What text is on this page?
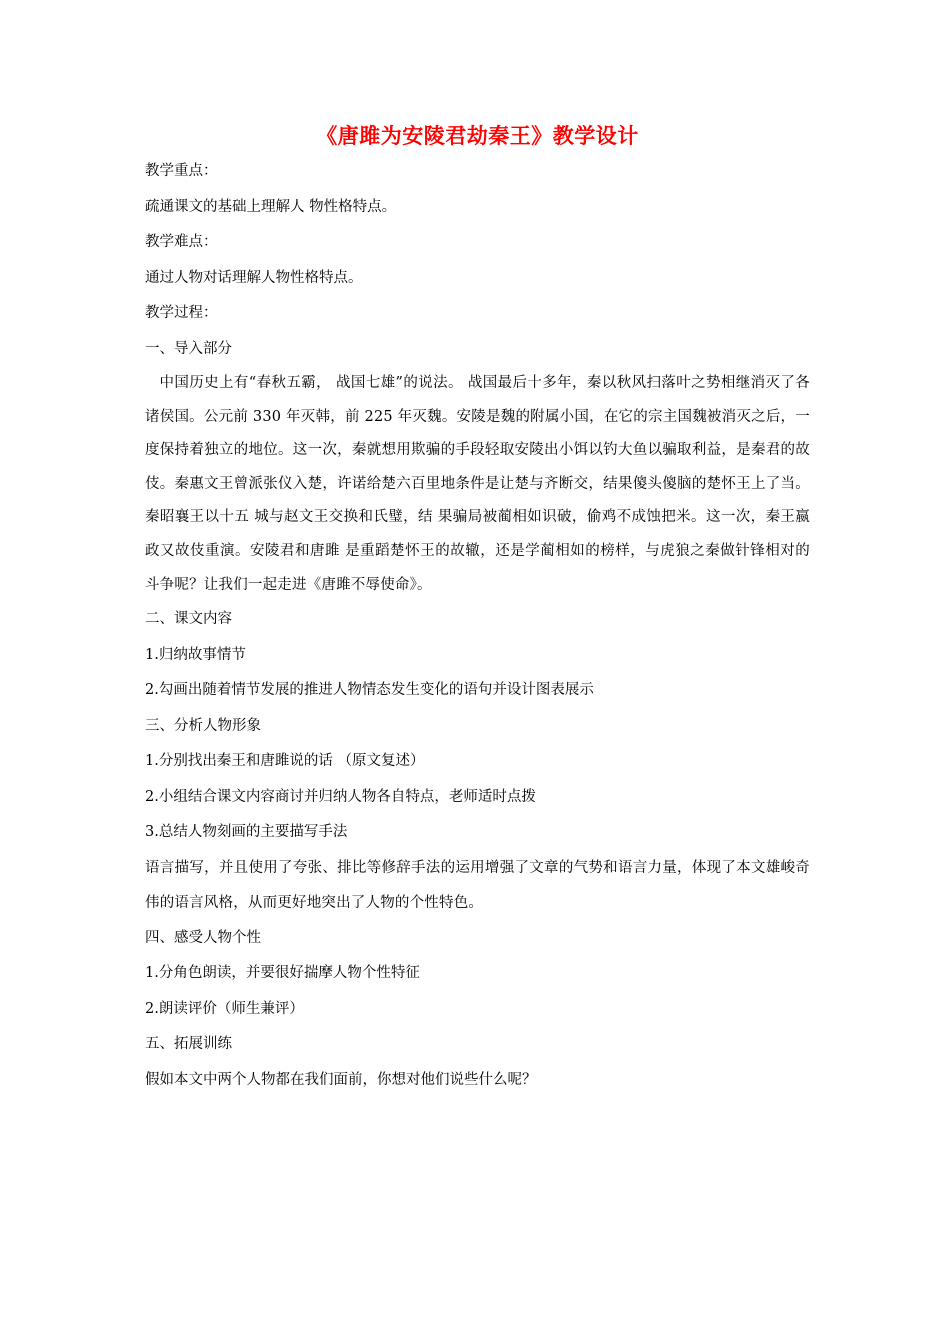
《唐雎为安陵君劫秦王》教学设计
教学重点：
疏通课文的基础上理解人 物性格特点。
教学难点：
通过人物对话理解人物性格特点。
教学过程：
一、导入部分
中国历史上有“春秋五霸， 战国七雄”的说法。 战国最后十多年，秦以秋风扫落叶之势相继消灭了各诸侯国。公元前 330 年灭韩，前 225 年灭魏。安陵是魏的附属小国，在它的宗主国魏被消灭之后，一度保持着独立的地位。这一次，秦就想用欺骗的手段轻取安陵出小饵以钓大鱼以骗取利益，是秦君的故伎。秦惠文王曾派张仪入楚，许诺给楚六百里地条件是让楚与齐断交，结果傻头傻脑的楚怀王上了当。秦昭襄王以十五 城与赵文王交换和氏璧，结 果骗局被蔺相如识破，偷鸡不成蚀把米。这一次，秦王嬴政又故伎重演。安陵君和唐雎 是重蹈楚怀王的故辙，还是学蔺相如的榜样，与虎狼之秦做针锋相对的斗争呢？让我们一起走进《唐雎不辱使命》。
二、课文内容
1.归纳故事情节
2.勾画出随着情节发展的推进人物情态发生变化的语句并设计图表展示
三、分析人物形象
1.分别找出秦王和唐雎说的话 （原文复述）
2.小组结合课文内容商讨并归纳人物各自特点，老师适时点拨
3.总结人物刻画的主要描写手法
语言描写，并且使用了夸张、排比等修辞手法的运用增强了文章的气势和语言力量，体现了本文雄峻奇伟的语言风格，从而更好地突出了人物的个性特色。
四、感受人物个性
1.分角色朗读，并要很好揣摩人物个性特征
2.朗读评价（师生兼评）
五、拓展训练
假如本文中两个人物都在我们面前，你想对他们说些什么呢？
